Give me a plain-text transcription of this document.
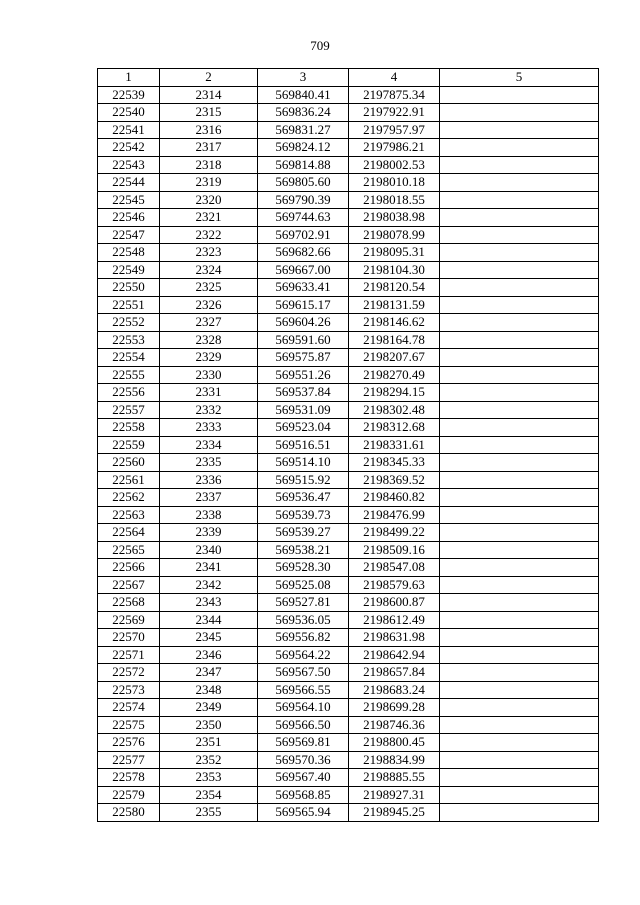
709
1	2	3	4	5
22539	2314	569840.41	2197875.34	
22540	2315	569836.24	2197922.91	
22541	2316	569831.27	2197957.97	
22542	2317	569824.12	2197986.21	
22543	2318	569814.88	2198002.53	
22544	2319	569805.60	2198010.18	
22545	2320	569790.39	2198018.55	
22546	2321	569744.63	2198038.98	
22547	2322	569702.91	2198078.99	
22548	2323	569682.66	2198095.31	
22549	2324	569667.00	2198104.30	
22550	2325	569633.41	2198120.54	
22551	2326	569615.17	2198131.59	
22552	2327	569604.26	2198146.62	
22553	2328	569591.60	2198164.78	
22554	2329	569575.87	2198207.67	
22555	2330	569551.26	2198270.49	
22556	2331	569537.84	2198294.15	
22557	2332	569531.09	2198302.48	
22558	2333	569523.04	2198312.68	
22559	2334	569516.51	2198331.61	
22560	2335	569514.10	2198345.33	
22561	2336	569515.92	2198369.52	
22562	2337	569536.47	2198460.82	
22563	2338	569539.73	2198476.99	
22564	2339	569539.27	2198499.22	
22565	2340	569538.21	2198509.16	
22566	2341	569528.30	2198547.08	
22567	2342	569525.08	2198579.63	
22568	2343	569527.81	2198600.87	
22569	2344	569536.05	2198612.49	
22570	2345	569556.82	2198631.98	
22571	2346	569564.22	2198642.94	
22572	2347	569567.50	2198657.84	
22573	2348	569566.55	2198683.24	
22574	2349	569564.10	2198699.28	
22575	2350	569566.50	2198746.36	
22576	2351	569569.81	2198800.45	
22577	2352	569570.36	2198834.99	
22578	2353	569567.40	2198885.55	
22579	2354	569568.85	2198927.31	
22580	2355	569565.94	2198945.25	
